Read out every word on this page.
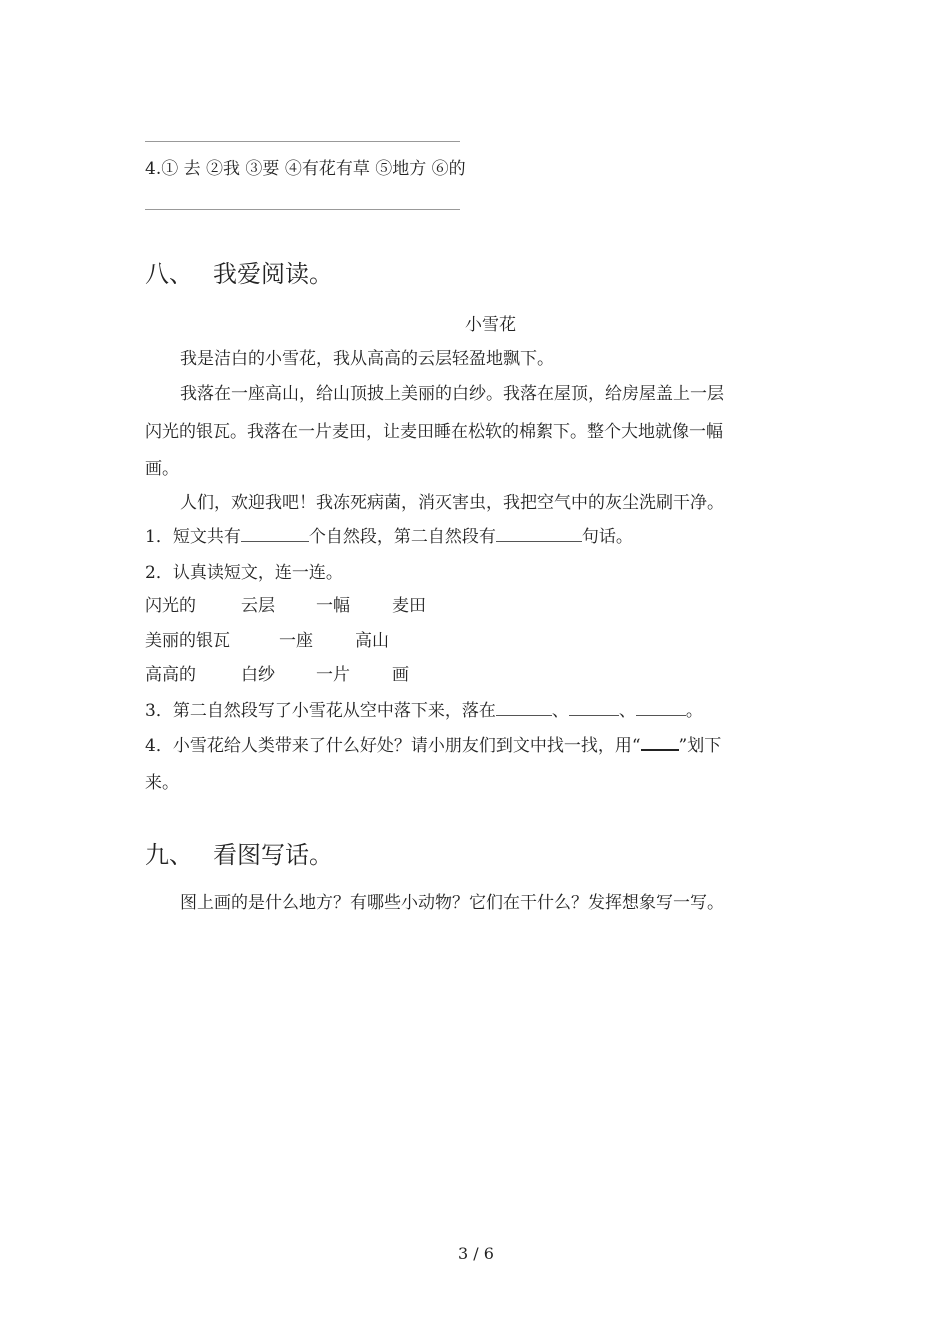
4.① 去 ②我 ③要 ④有花有草 ⑤地方 ⑥的
八、 我爱阅读。
小雪花
我是洁白的小雪花，我从高高的云层轻盈地飘下。
我落在一座高山，给山顶披上美丽的白纱。我落在屋顶，给房屋盖上一层
闪光的银瓦。我落在一片麦田，让麦田睡在松软的棉絮下。整个大地就像一幅
画。
人们，欢迎我吧！我冻死病菌，消灭害虫，我把空气中的灰尘洗刷干净。
1．短文共有	个自然段，第二自然段有	句话。
2．认真读短文，连一连。
闪光的	云层 一幅 麦田
美丽的银瓦	一座 高山
高高的	白纱 一片 画
3．第二自然段写了小雪花从空中落下来，落在	、	、	。
4．小雪花给人类带来了什么好处？请小朋友们到文中找一找，用“ ”划下
来。
九、 看图写话。
图上画的是什么地方？有哪些小动物？它们在干什么？发挥想象写一写。
3 / 6
